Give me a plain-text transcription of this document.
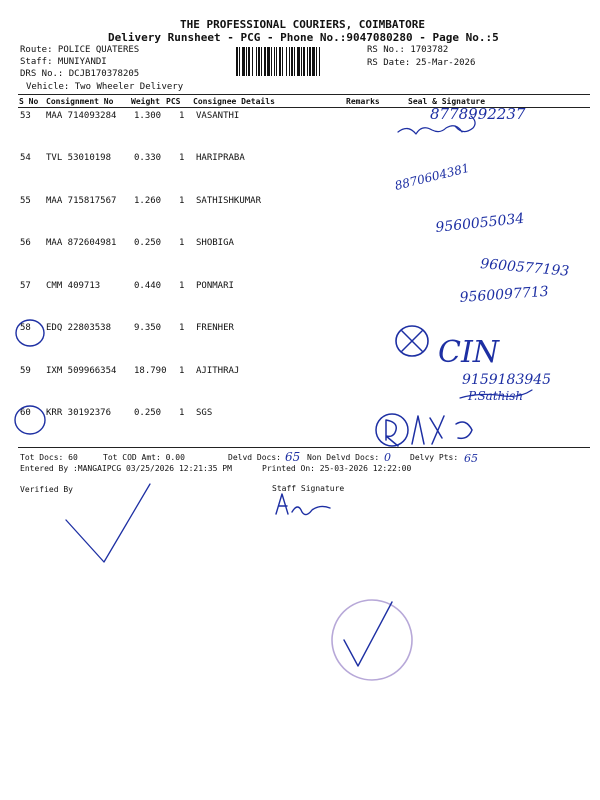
THE PROFESSIONAL COURIERS, COIMBATORE
Delivery Runsheet - PCG - Phone No.:9047080280 - Page No.:5
Route: POLICE QUATERES
Staff: MUNIYANDI
DRS No.: DCJB170378205
Vehicle: Two Wheeler Delivery
RS No.: 1703782
RS Date: 25-Mar-2026
S No Consignment No Weight PCS Consignee Details	Remarks	Seal & Signature
53 MAA 714093284 1.300 1 VASANTHI
54 TVL 53010198	0.330 1 HARIPRABA
55 MAA 715817567 1.260 1 SATHISHKUMAR
56 MAA 872604981 0.250 1 SHOBIGA
57 CMM 409713	0.440 1 PONMARI
58 EDQ 22803538	9.350 1 FRENHER
59 IXM 509966354 18.790 1 AJITHRAJ
60 KRR 30192376	0.250 1 SGS
Tot Docs: 60	Tot COD Amt: 0.00	Delvd Docs:	Non Delvd Docs:	Delvy Pts:
Entered By :MANGAIPCG 03/25/2026 12:21:35 PM	Printed On: 25-03-2026 12:22:00
Verified By	Staff Signature
8778992237
8870604381
9560055034
9600577193
9560097713
CIN
9159183945
P.Sathish
65	0	65
